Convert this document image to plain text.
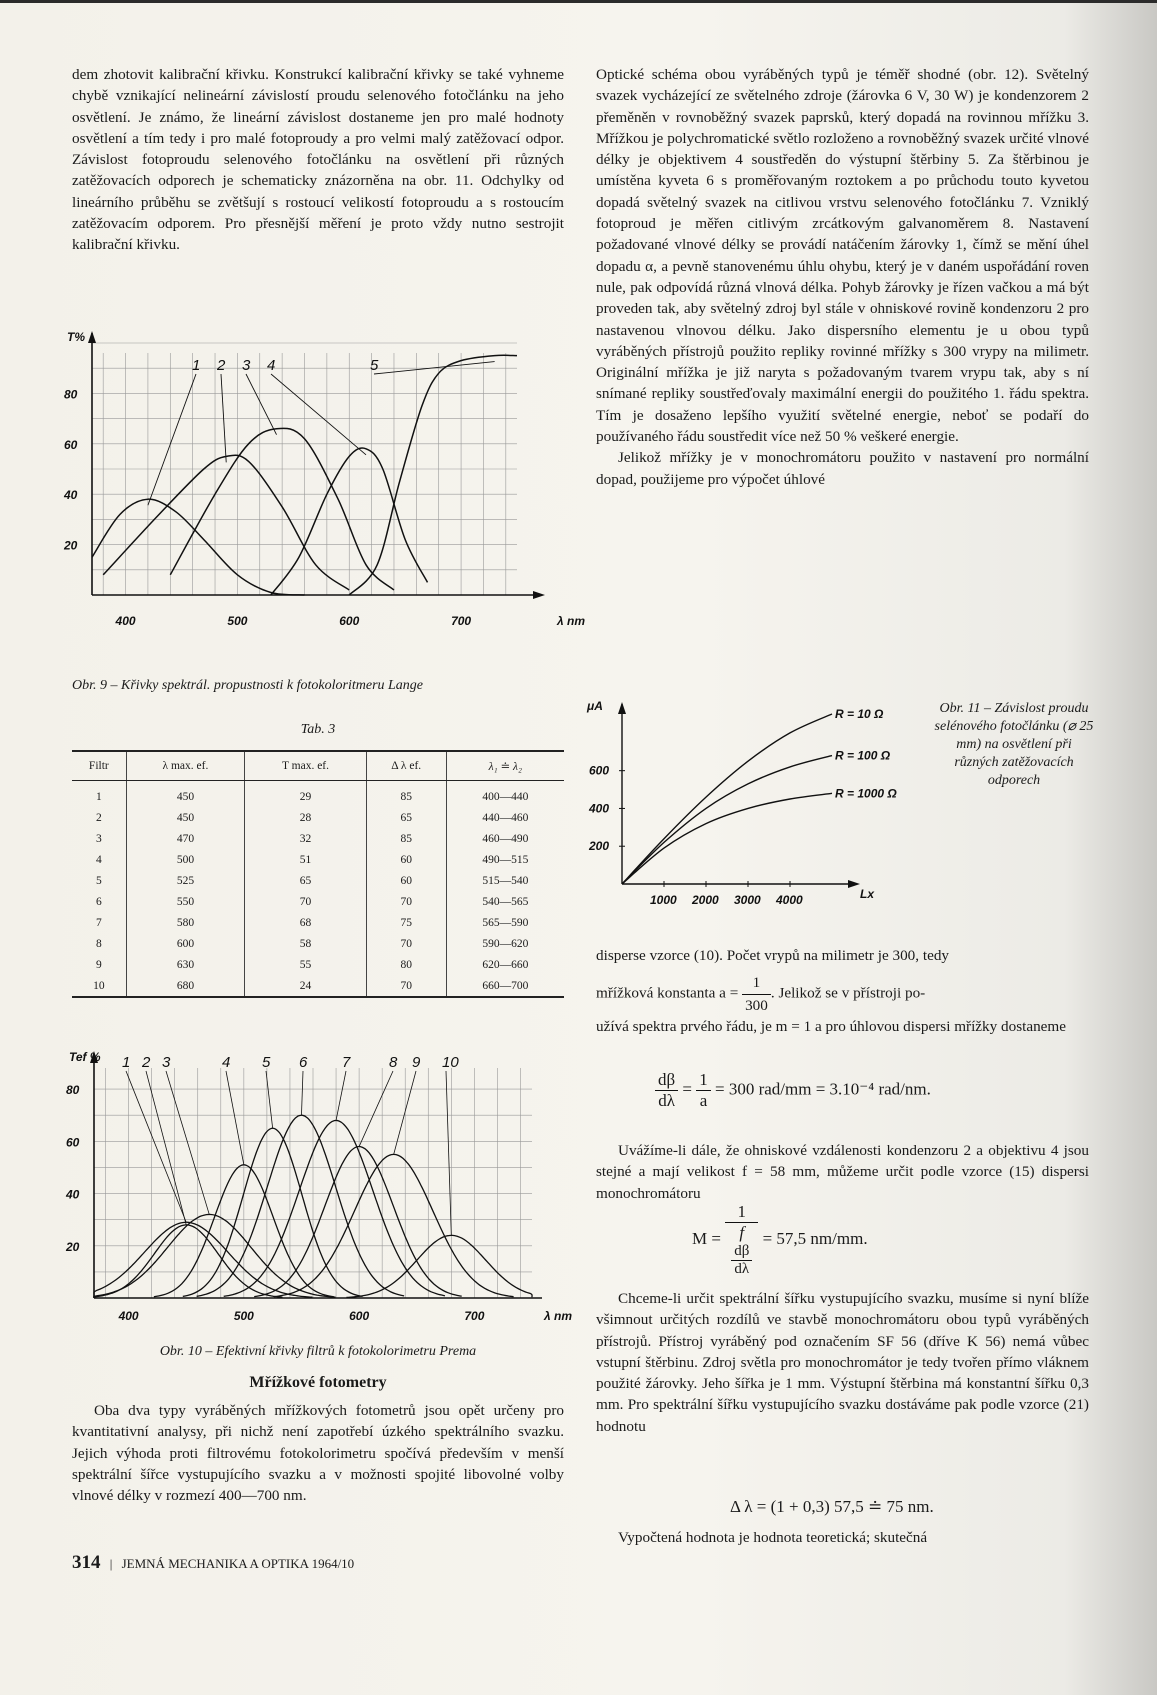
dem zhotovit kalibrační křivku. Konstrukcí kalibrační křivky se také vyhneme chybě vznikající nelineární závislostí proudu selenového fotočlánku na jeho osvětlení. Je známo, že lineární závislost dostaneme jen pro malé hodnoty osvětlení a tím tedy i pro malé fotoproudy a pro velmi malý zatěžovací odpor. Závislost fotoproudu selenového fotočlánku na osvětlení při různých zatěžovacích odporech je schematicky znázorněna na obr. 11. Odchylky od lineárního průběhu se zvětšují s rostoucí velikostí fotoproudu a s rostoucím zatěžovacím odporem. Pro přesnější měření je proto vždy nutno sestrojit kalibrační křivku.

T%
λ nm
400	500	600	700
20
40
60
80
1 2 3 4	5
Obr. 9 – Křivky spektrál. propustnosti k fotokoloritmeru Lange
Tab. 3
Filtr	λ max. ef.	T max. ef.	Δ λ ef.	λ₁ ≐ λ₂
1	450	29	85	400—440
2	450	28	65	440—460
3	470	32	85	460—490
4	500	51	60	490—515
5	525	65	60	515—540
6	550	70	70	540—565
7	580	68	75	565—590
8	600	58	70	590—620
9	630	55	80	620—660
10	680	24	70	660—700
Tef %
λ nm
400	500	600	700
20
40
60
80
1 2 3	4 5 6 7	8 9 10
Obr. 10 – Efektivní křivky filtrů k fotokolorimetru Prema
Mřížkové fotometry

Oba dva typy vyráběných mřížkových fotometrů jsou opět určeny pro kvantitativní analysy, při nichž není zapotřebí úzkého spektrálního svazku. Jejich výhoda proti filtrovému fotokolorimetru spočívá především v menší spektrální šířce vystupujícího svazku a v možnosti spojité libovolné volby vlnové délky v rozmezí 400—700 nm.

314 | JEMNÁ MECHANIKA A OPTIKA 1964/10

Optické schéma obou vyráběných typů je téměř shodné (obr. 12). Světelný svazek vycházející ze světelného zdroje (žárovka 6 V, 30 W) je kondenzorem 2 přeměněn v rovnoběžný svazek paprsků, který dopadá na rovinnou mřížku 3. Mřížkou je polychromatické světlo rozloženo a rovnoběžný svazek určité vlnové délky je objektivem 4 soustředěn do výstupní štěrbiny 5. Za štěrbinou je umístěna kyveta 6 s proměřovaným roztokem a po průchodu touto kyvetou dopadá světelný svazek na citlivou vrstvu selenového fotočlánku 7. Vzniklý fotoproud je měřen citlivým zrcátkovým galvanoměrem 8. Nastavení požadované vlnové délky se provádí natáčením žárovky 1, čímž se mění úhel dopadu α, a pevně stanovenému úhlu ohybu, který je v daném uspořádání roven nule, pak odpovídá různá vlnová délka. Pohyb žárovky je řízen vačkou a má být proveden tak, aby světelný zdroj byl stále v ohniskové rovině kondenzoru 2 pro nastavenou vlnovou délku. Jako dispersního elementu je u obou typů vyráběných přístrojů použito repliky rovinné mřížky s 300 vrypy na milimetr. Originální mřížka je již naryta s požadovaným tvarem vrypu tak, aby s ní snímané repliky soustřeďovaly maximální energii do použitého 1. řádu spektra. Tím je dosaženo lepšího využití světelné energie, neboť se podaří do používaného řádu soustředit více než 50 % veškeré energie.

Jelikož mřížky je v monochromátoru použito v nastavení pro normální dopad, použijeme pro výpočet úhlové

μA
Lx
1000 2000 3000 4000
200
400
600
R = 10 Ω
R = 100 Ω
R = 1000 Ω
Obr. 11 – Závislost proudu selénového fotočlánku (⌀ 25 mm) na osvětlení při různých zatěžovacích odporech

disperse vzorce (10). Počet vrypů na milimetr je 300, tedy

mřížková konstanta $a = \frac{1}{300}$ . Jelikož se v přístroji po-

užívá spektra prvého řádu, je m = 1 a pro úhlovou dispersi mřížky dostaneme

$\frac{d\beta}{d\lambda} = \frac{1}{a} = 300$ rad/mm = 3.10⁻⁴ rad/nm.

Uvážíme-li dále, že ohniskové vzdálenosti kondenzoru 2 a objektivu 4 jsou stejné a mají velikost f = 58 mm, můžeme určit podle vzorce (15) dispersi monochromátoru

M = 1
f
dβ
dλ = 57,5 nm/mm.

Chceme-li určit spektrální šířku vystupujícího svazku, musíme si nyní blíže všimnout určitých rozdílů ve stavbě monochromátoru obou typů vyráběných přístrojů. Přístroj vyráběný pod označením SF 56 (dříve K 56) nemá vůbec vstupní štěrbinu. Zdroj světla pro monochromátor je tedy tvořen přímo vláknem použité žárovky. Jeho šířka je 1 mm. Výstupní štěrbina má konstantní šířku 0,3 mm. Pro spektrální šířku vystupujícího svazku dostáváme pak podle vzorce (21) hodnotu

Δ λ = (1 + 0,3) 57,5 ≐ 75 nm.

Vypočtená hodnota je hodnota teoretická; skutečná
